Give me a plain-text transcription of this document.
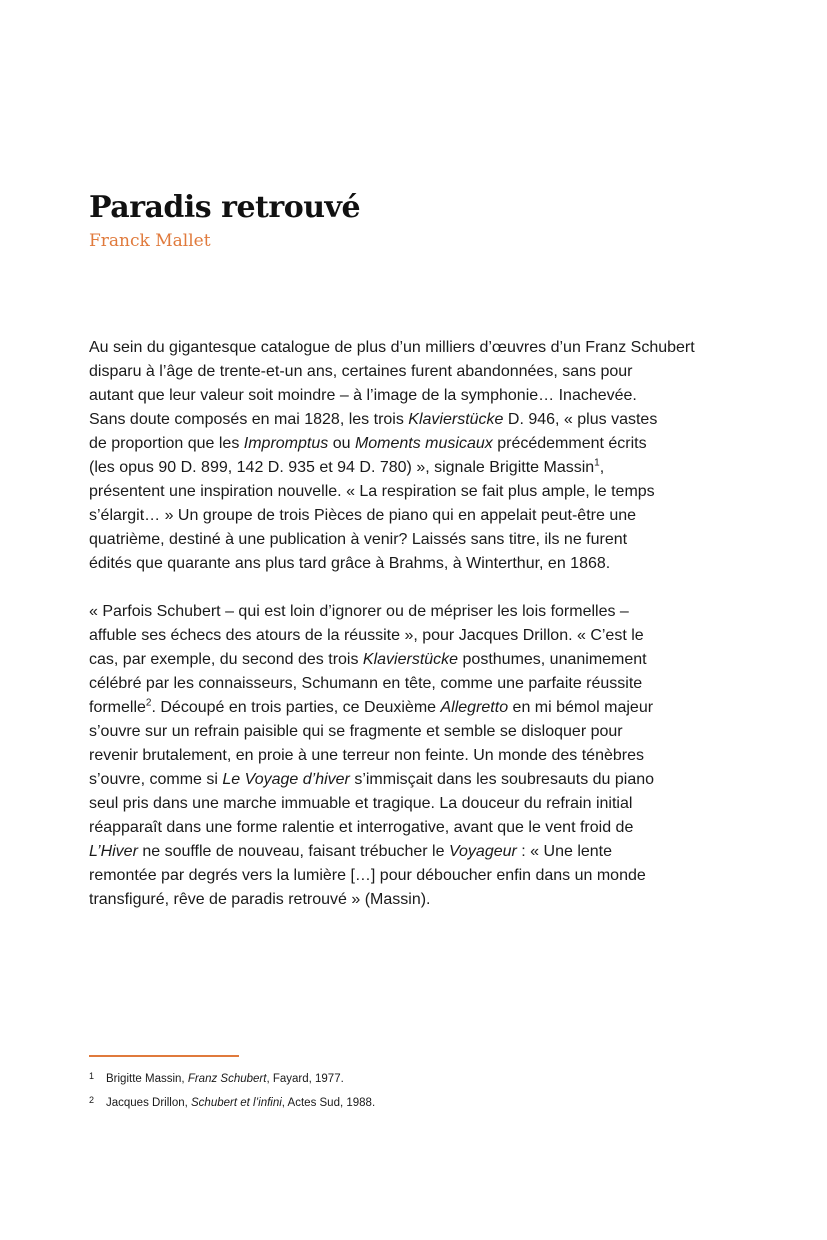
Paradis retrouvé
Franck Mallet

Au sein du gigantesque catalogue de plus d’un milliers d’œuvres d’un Franz Schubert
disparu à l’âge de trente-et-un ans, certaines furent abandonnées, sans pour
autant que leur valeur soit moindre – à l’image de la symphonie… Inachevée.
Sans doute composés en mai 1828, les trois Klavierstücke D. 946, « plus vastes
de proportion que les Impromptus ou Moments musicaux précédemment écrits
(les opus 90 D. 899, 142 D. 935 et 94 D. 780) », signale Brigitte Massin$^1$,
présentent une inspiration nouvelle. « La respiration se fait plus ample, le temps
s’élargit… » Un groupe de trois Pièces de piano qui en appelait peut-être une
quatrième, destiné à une publication à venir? Laissés sans titre, ils ne furent
édités que quarante ans plus tard grâce à Brahms, à Winterthur, en 1868.

« Parfois Schubert – qui est loin d’ignorer ou de mépriser les lois formelles –
affuble ses échecs des atours de la réussite », pour Jacques Drillon. « C’est le
cas, par exemple, du second des trois Klavierstücke posthumes, unanimement
célébré par les connaisseurs, Schumann en tête, comme une parfaite réussite
formelle$^2$. Découpé en trois parties, ce Deuxième Allegretto en mi bémol majeur
s’ouvre sur un refrain paisible qui se fragmente et semble se disloquer pour
revenir brutalement, en proie à une terreur non feinte. Un monde des ténèbres
s’ouvre, comme si Le Voyage d’hiver s’immisçait dans les soubresauts du piano
seul pris dans une marche immuable et tragique. La douceur du refrain initial
réapparaît dans une forme ralentie et interrogative, avant que le vent froid de
L’Hiver ne souffle de nouveau, faisant trébucher le Voyageur : « Une lente
remontée par degrés vers la lumière […] pour déboucher enfin dans un monde
transfiguré, rêve de paradis retrouvé » (Massin).

1 Brigitte Massin, Franz Schubert, Fayard, 1977.
2 Jacques Drillon, Schubert et l’infini, Actes Sud, 1988.
